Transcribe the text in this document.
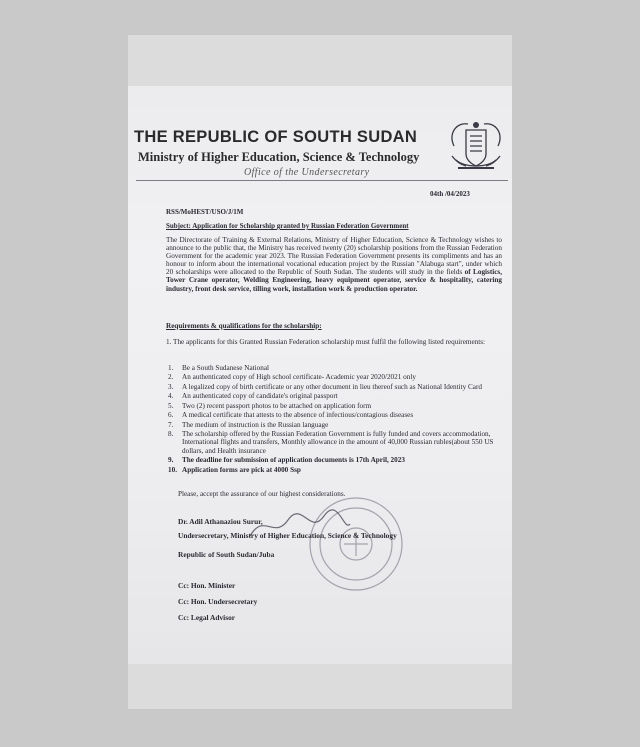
THE REPUBLIC OF SOUTH SUDAN
Ministry of Higher Education, Science & Technology
Office of the Undersecretary
04th /04/2023
RSS/MoHEST/USO/J/1M
Subject: Application for Scholarship granted by Russian Federation Government
The Directorate of Training & External Relations, Ministry of Higher Education, Science & Technology wishes to announce to the public that, the Ministry has received twenty (20) scholarship positions from the Russian Federation Government for the academic year 2023. The Russian Federation Government presents its compliments and has an honour to inform about the international vocational education project by the Russian "Alabuga start", under which 20 scholarships were allocated to the Republic of South Sudan. The students will study in the fields of Logistics, Tower Crane operator, Welding Engineering, heavy equipment operator, service & hospitality, catering industry, front desk service, tilling work, installation work & production operator.
Requirements & qualifications for the scholarship:
1. The applicants for this Granted Russian Federation scholarship must fulfil the following listed requirements:
1.	Be a South Sudanese National
2.	An authenticated copy of High school certificate- Academic year 2020/2021 only
3.	A legalized copy of birth certificate or any other document in lieu thereof such as National Identity Card
4.	An authenticated copy of candidate's original passport
5.	Two (2) recent passport photos to be attached on application form
6.	A medical certificate that attests to the absence of infectious/contagious diseases
7.	The medium of instruction is the Russian language
8.	The scholarship offered by the Russian Federation Government is fully funded and covers accommodation, International flights and transfers, Monthly allowance in the amount of 40,000 Russian rubles(about 550 US dollars, and Health insurance
9.	The deadline for submission of application documents is 17th April, 2023
10. Application forms are pick at 4000 Ssp
Please, accept the assurance of our highest considerations.
Dr. Adil Athanaziou Surur,
Undersecretary, Ministry of Higher Education, Science & Technology
Republic of South Sudan/Juba
Cc: Hon. Minister
Cc: Hon. Undersecretary
Cc: Legal Advisor
